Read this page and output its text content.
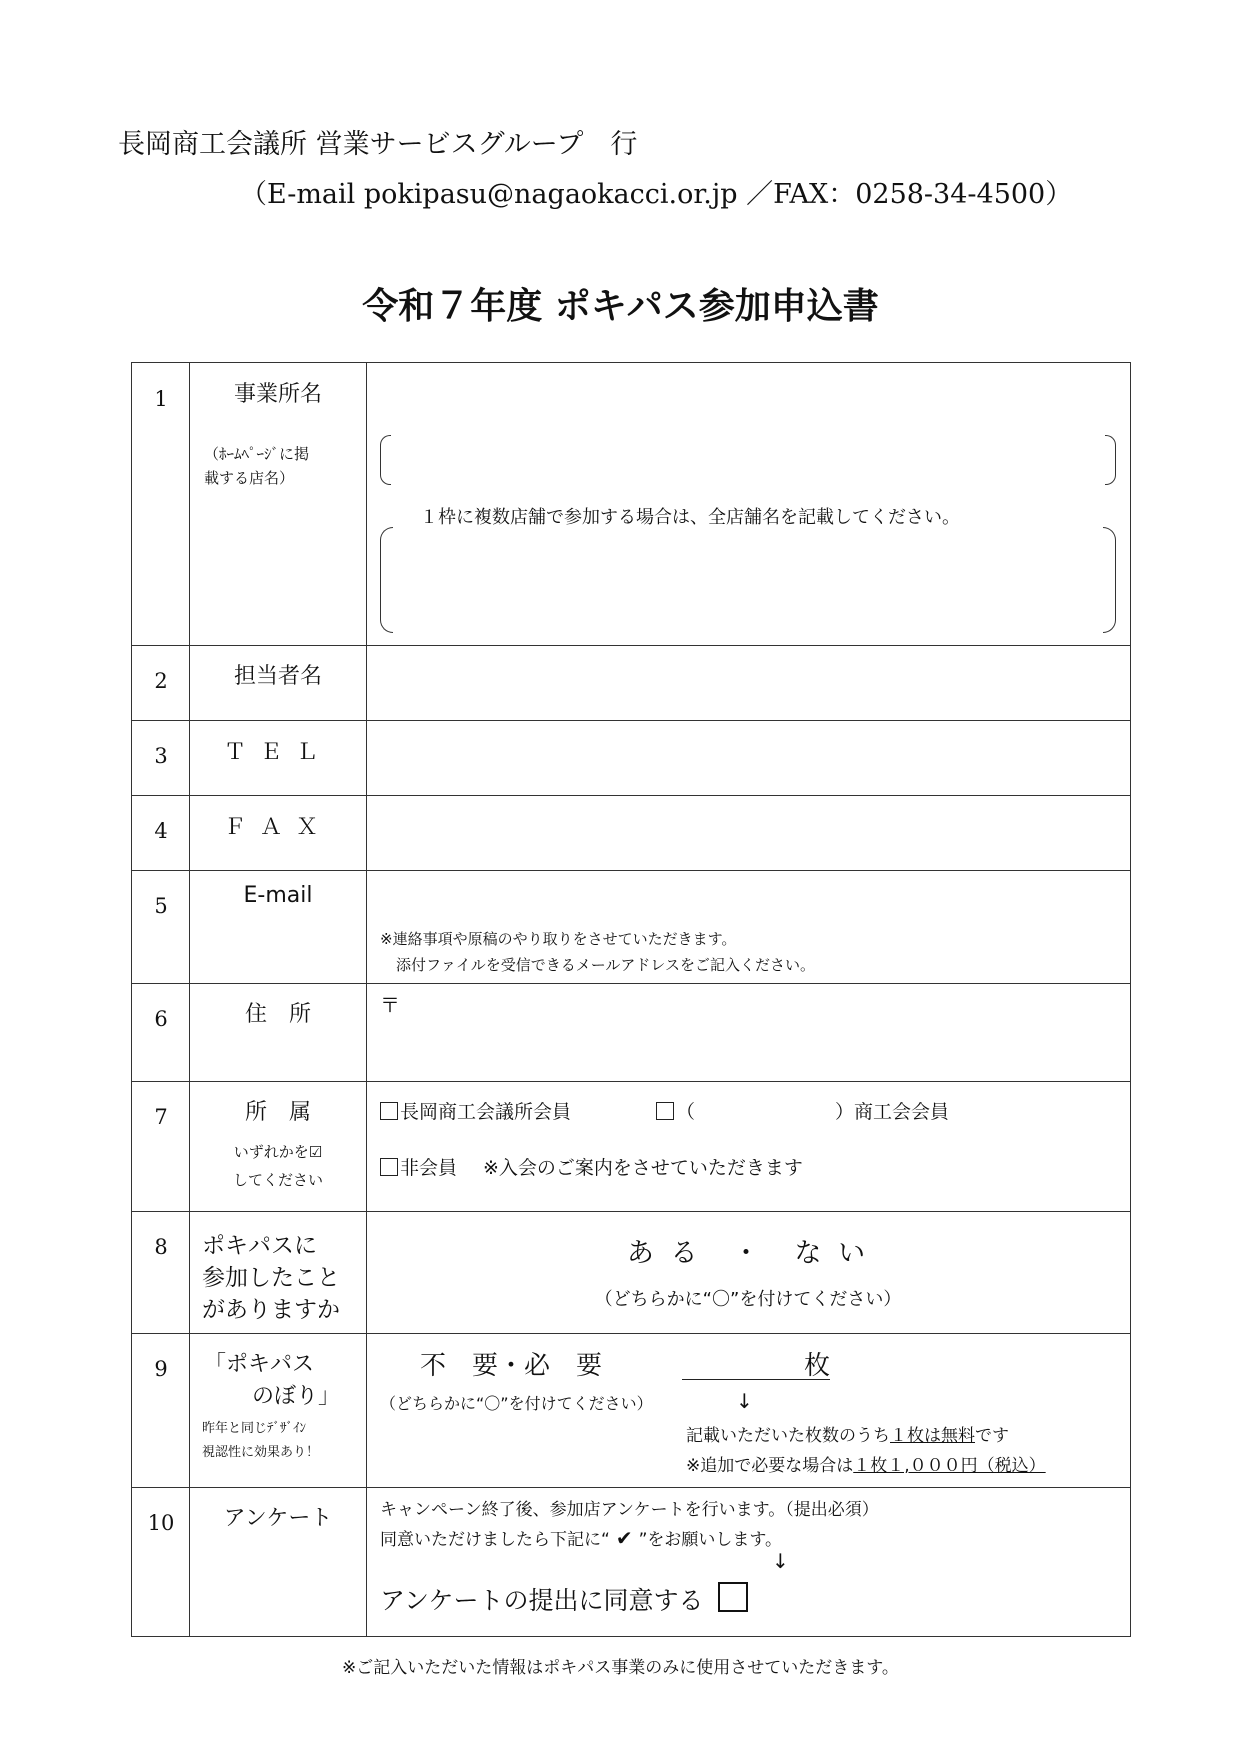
長岡商工会議所 営業サービスグループ　行
（E-mail pokipasu@nagaokacci.or.jp ／FAX：0258-34-4500）
令和７年度 ポキパス参加申込書
1	事業所名
（ﾎｰﾑﾍﾟｰｼﾞに掲
載する店名）
１枠に複数店舗で参加する場合は、全店舗名を記載してください。
2	担当者名
3	ＴＥＬ
4	ＦＡＸ
5	E-mail
※連絡事項や原稿のやり取りをさせていただきます。
添付ファイルを受信できるメールアドレスをご記入ください。
6	住　所	〒
7	所　属
いずれかを☑
してください
長岡商工会議所会員	（	）商工会会員
非会員 ※入会のご案内をさせていただきます
8	ポキパスに
参加したこと
がありますか
あ る　・　な い
（どちらかに“〇”を付けてください）
9	「ポキパス
のぼり」
昨年と同じﾃﾞｻﾞｲﾝ
視認性に効果あり！
不　要・必　要	枚
（どちらかに“〇”を付けてください）	↓
記載いただいた枚数のうち１枚は無料です
※追加で必要な場合は１枚１,０００円（税込）
10	アンケート	キャンペーン終了後、参加店アンケートを行います。（提出必須）
同意いただけましたら下記に“ ✔ ”をお願いします。
↓
アンケートの提出に同意する
※ご記入いただいた情報はポキパス事業のみに使用させていただきます。
